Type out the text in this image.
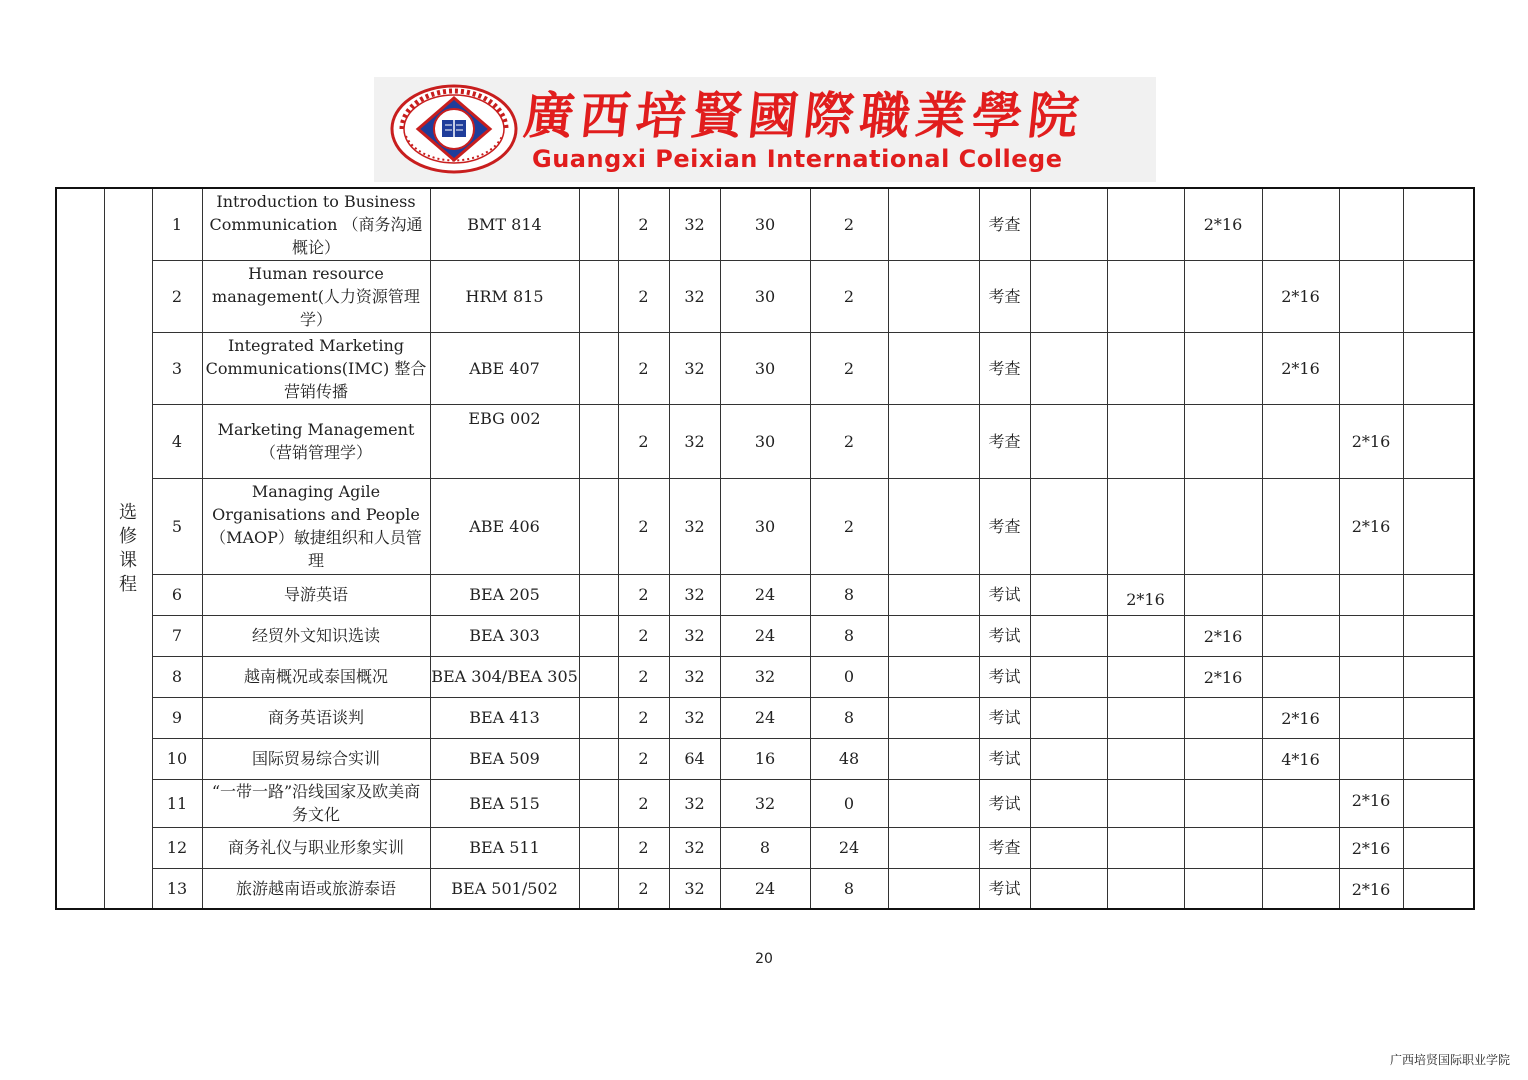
廣西培賢國際職業學院
Guangxi Peixian International College
	选修课程	1	Introduction to Business Communication （商务沟通概论）	BMT 814		2	32	30	2		考查			2*16			
		2	Human resource management(人力资源管理学）	HRM 815		2	32	30	2		考查				2*16		
		3	Integrated Marketing Communications(IMC) 整合营销传播	ABE 407		2	32	30	2		考查				2*16		
		4	Marketing Management（营销管理学）	EBG 002		2	32	30	2		考查					2*16	
		5	Managing Agile Organisations and People（MAOP）敏捷组织和人员管理	ABE 406		2	32	30	2		考查					2*16	
		6	导游英语	BEA 205		2	32	24	8		考试		2*16				
		7	经贸外文知识选读	BEA 303		2	32	24	8		考试			2*16			
		8	越南概况或泰国概况	BEA 304/BEA 305		2	32	32	0		考试			2*16			
		9	商务英语谈判	BEA 413		2	32	24	8		考试				2*16		
		10	国际贸易综合实训	BEA 509		2	64	16	48		考试				4*16		
		11	“一带一路”沿线国家及欧美商务文化	BEA 515		2	32	32	0		考试					2*16	
		12	商务礼仪与职业形象实训	BEA 511		2	32	8	24		考查					2*16	
		13	旅游越南语或旅游泰语	BEA 501/502		2	32	24	8		考试					2*16	
20
广西培贤国际职业学院
